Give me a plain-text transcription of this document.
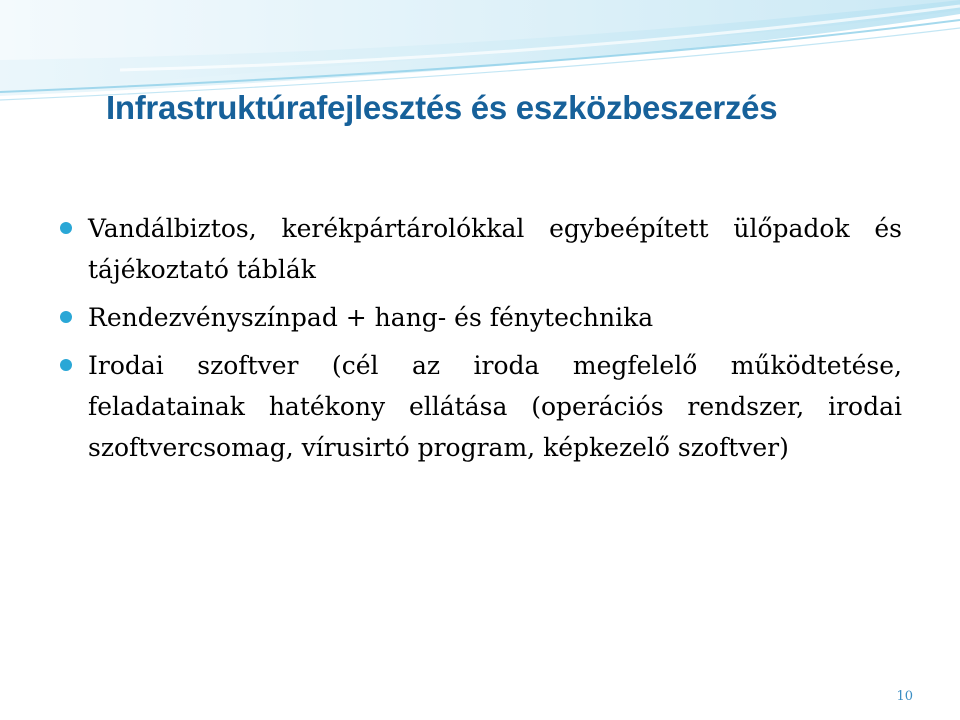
Infrastruktúrafejlesztés és eszközbeszerzés
Vandálbiztos, kerékpártárolókkal egybeépített ülőpadok és tájékoztató táblák
Rendezvényszínpad + hang- és fénytechnika
Irodai szoftver (cél az iroda megfelelő működtetése, feladatainak hatékony ellátása (operációs rendszer, irodai szoftvercsomag, vírusirtó program, képkezelő szoftver)
10
